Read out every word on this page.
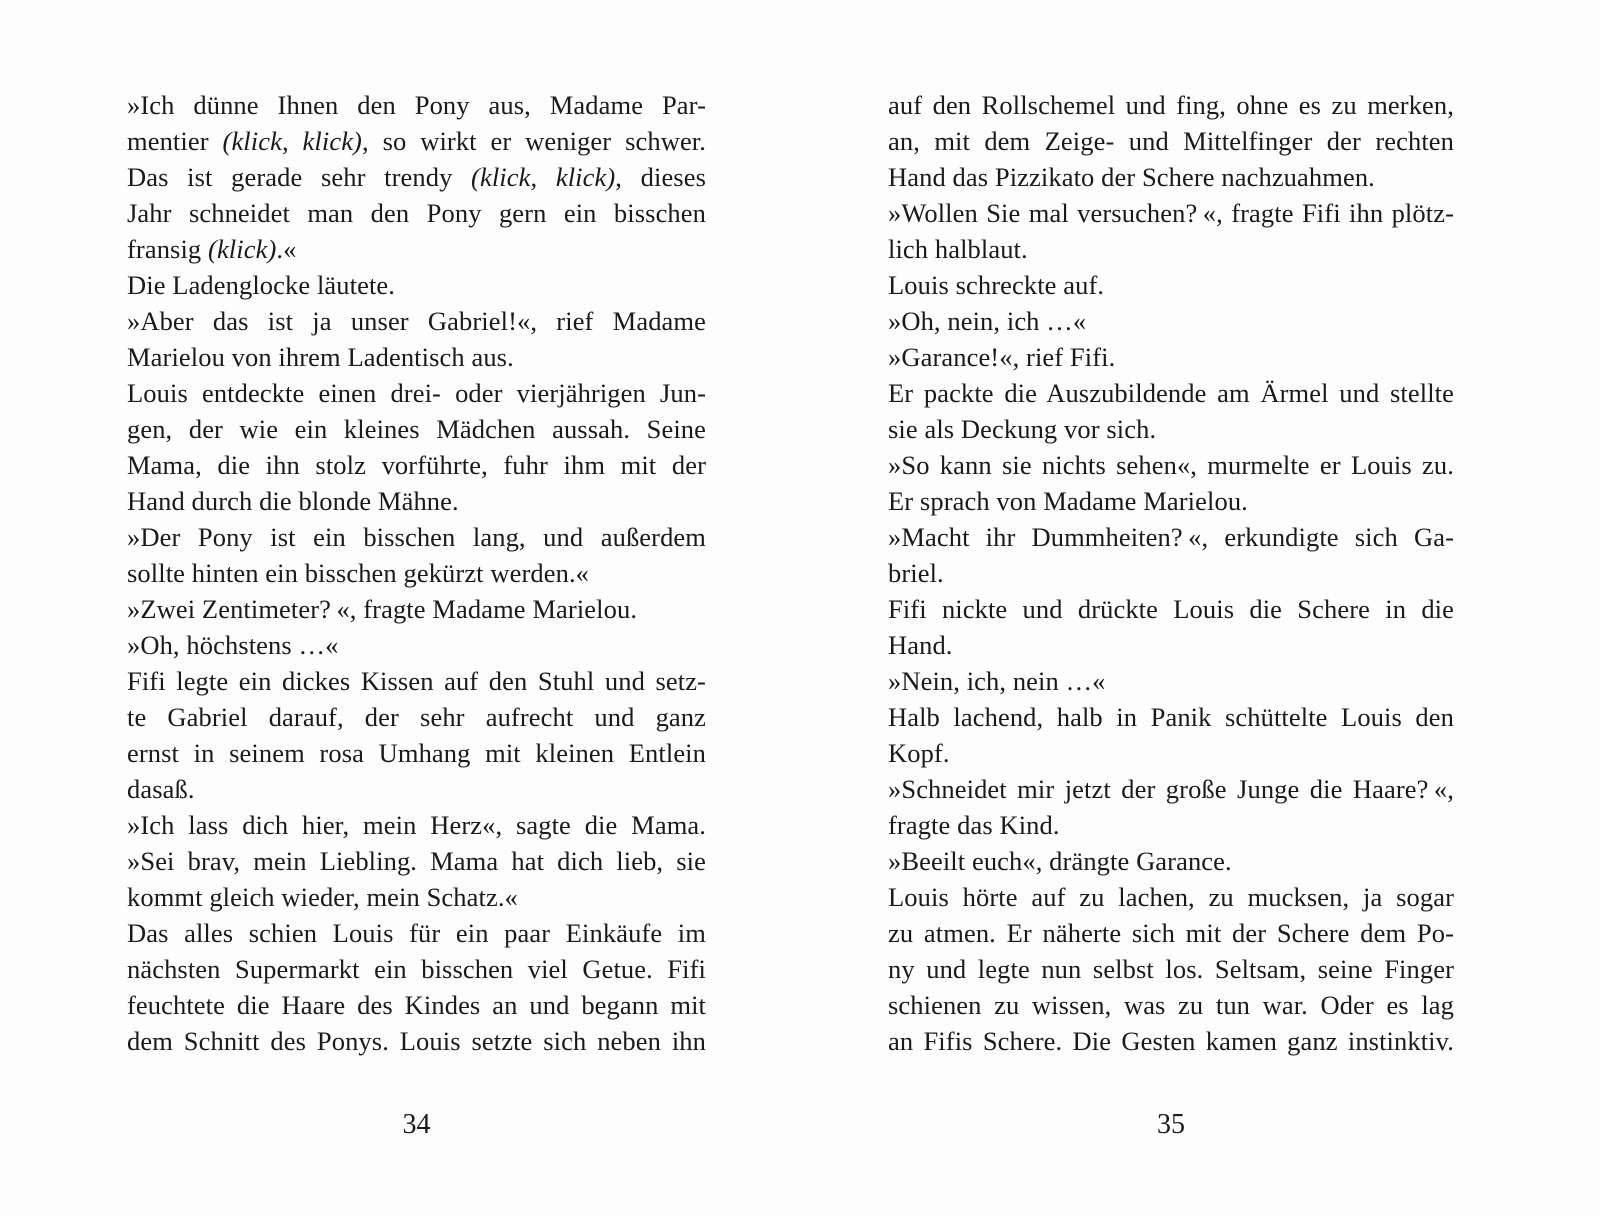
»Ich dünne Ihnen den Pony aus, Madame Par-
mentier (klick, klick), so wirkt er weniger schwer.
Das ist gerade sehr trendy (klick, klick), dieses
Jahr schneidet man den Pony gern ein bisschen
fransig (klick).«
Die Ladenglocke läutete.
»Aber das ist ja unser Gabriel!«, rief Madame
Marielou von ihrem Ladentisch aus.
Louis entdeckte einen drei- oder vierjährigen Jun-
gen, der wie ein kleines Mädchen aussah. Seine
Mama, die ihn stolz vorführte, fuhr ihm mit der
Hand durch die blonde Mähne.
»Der Pony ist ein bisschen lang, und außerdem
sollte hinten ein bisschen gekürzt werden.«
»Zwei Zentimeter? «, fragte Madame Marielou.
»Oh, höchstens …«
Fifi legte ein dickes Kissen auf den Stuhl und setz-
te Gabriel darauf, der sehr aufrecht und ganz
ernst in seinem rosa Umhang mit kleinen Entlein
dasaß.
»Ich lass dich hier, mein Herz«, sagte die Mama.
»Sei brav, mein Liebling. Mama hat dich lieb, sie
kommt gleich wieder, mein Schatz.«
Das alles schien Louis für ein paar Einkäufe im
nächsten Supermarkt ein bisschen viel Getue. Fifi
feuchtete die Haare des Kindes an und begann mit
dem Schnitt des Ponys. Louis setzte sich neben ihn
auf den Rollschemel und fing, ohne es zu merken,
an, mit dem Zeige- und Mittelfinger der rechten
Hand das Pizzikato der Schere nachzuahmen.
»Wollen Sie mal versuchen? «, fragte Fifi ihn plötz-
lich halblaut.
Louis schreckte auf.
»Oh, nein, ich …«
»Garance!«, rief Fifi.
Er packte die Auszubildende am Ärmel und stellte
sie als Deckung vor sich.
»So kann sie nichts sehen«, murmelte er Louis zu.
Er sprach von Madame Marielou.
»Macht ihr Dummheiten? «, erkundigte sich Ga-
briel.
Fifi nickte und drückte Louis die Schere in die
Hand.
»Nein, ich, nein …«
Halb lachend, halb in Panik schüttelte Louis den
Kopf.
»Schneidet mir jetzt der große Junge die Haare? «,
fragte das Kind.
»Beeilt euch«, drängte Garance.
Louis hörte auf zu lachen, zu mucksen, ja sogar
zu atmen. Er näherte sich mit der Schere dem Po-
ny und legte nun selbst los. Seltsam, seine Finger
schienen zu wissen, was zu tun war. Oder es lag
an Fifis Schere. Die Gesten kamen ganz instinktiv.
34	35
